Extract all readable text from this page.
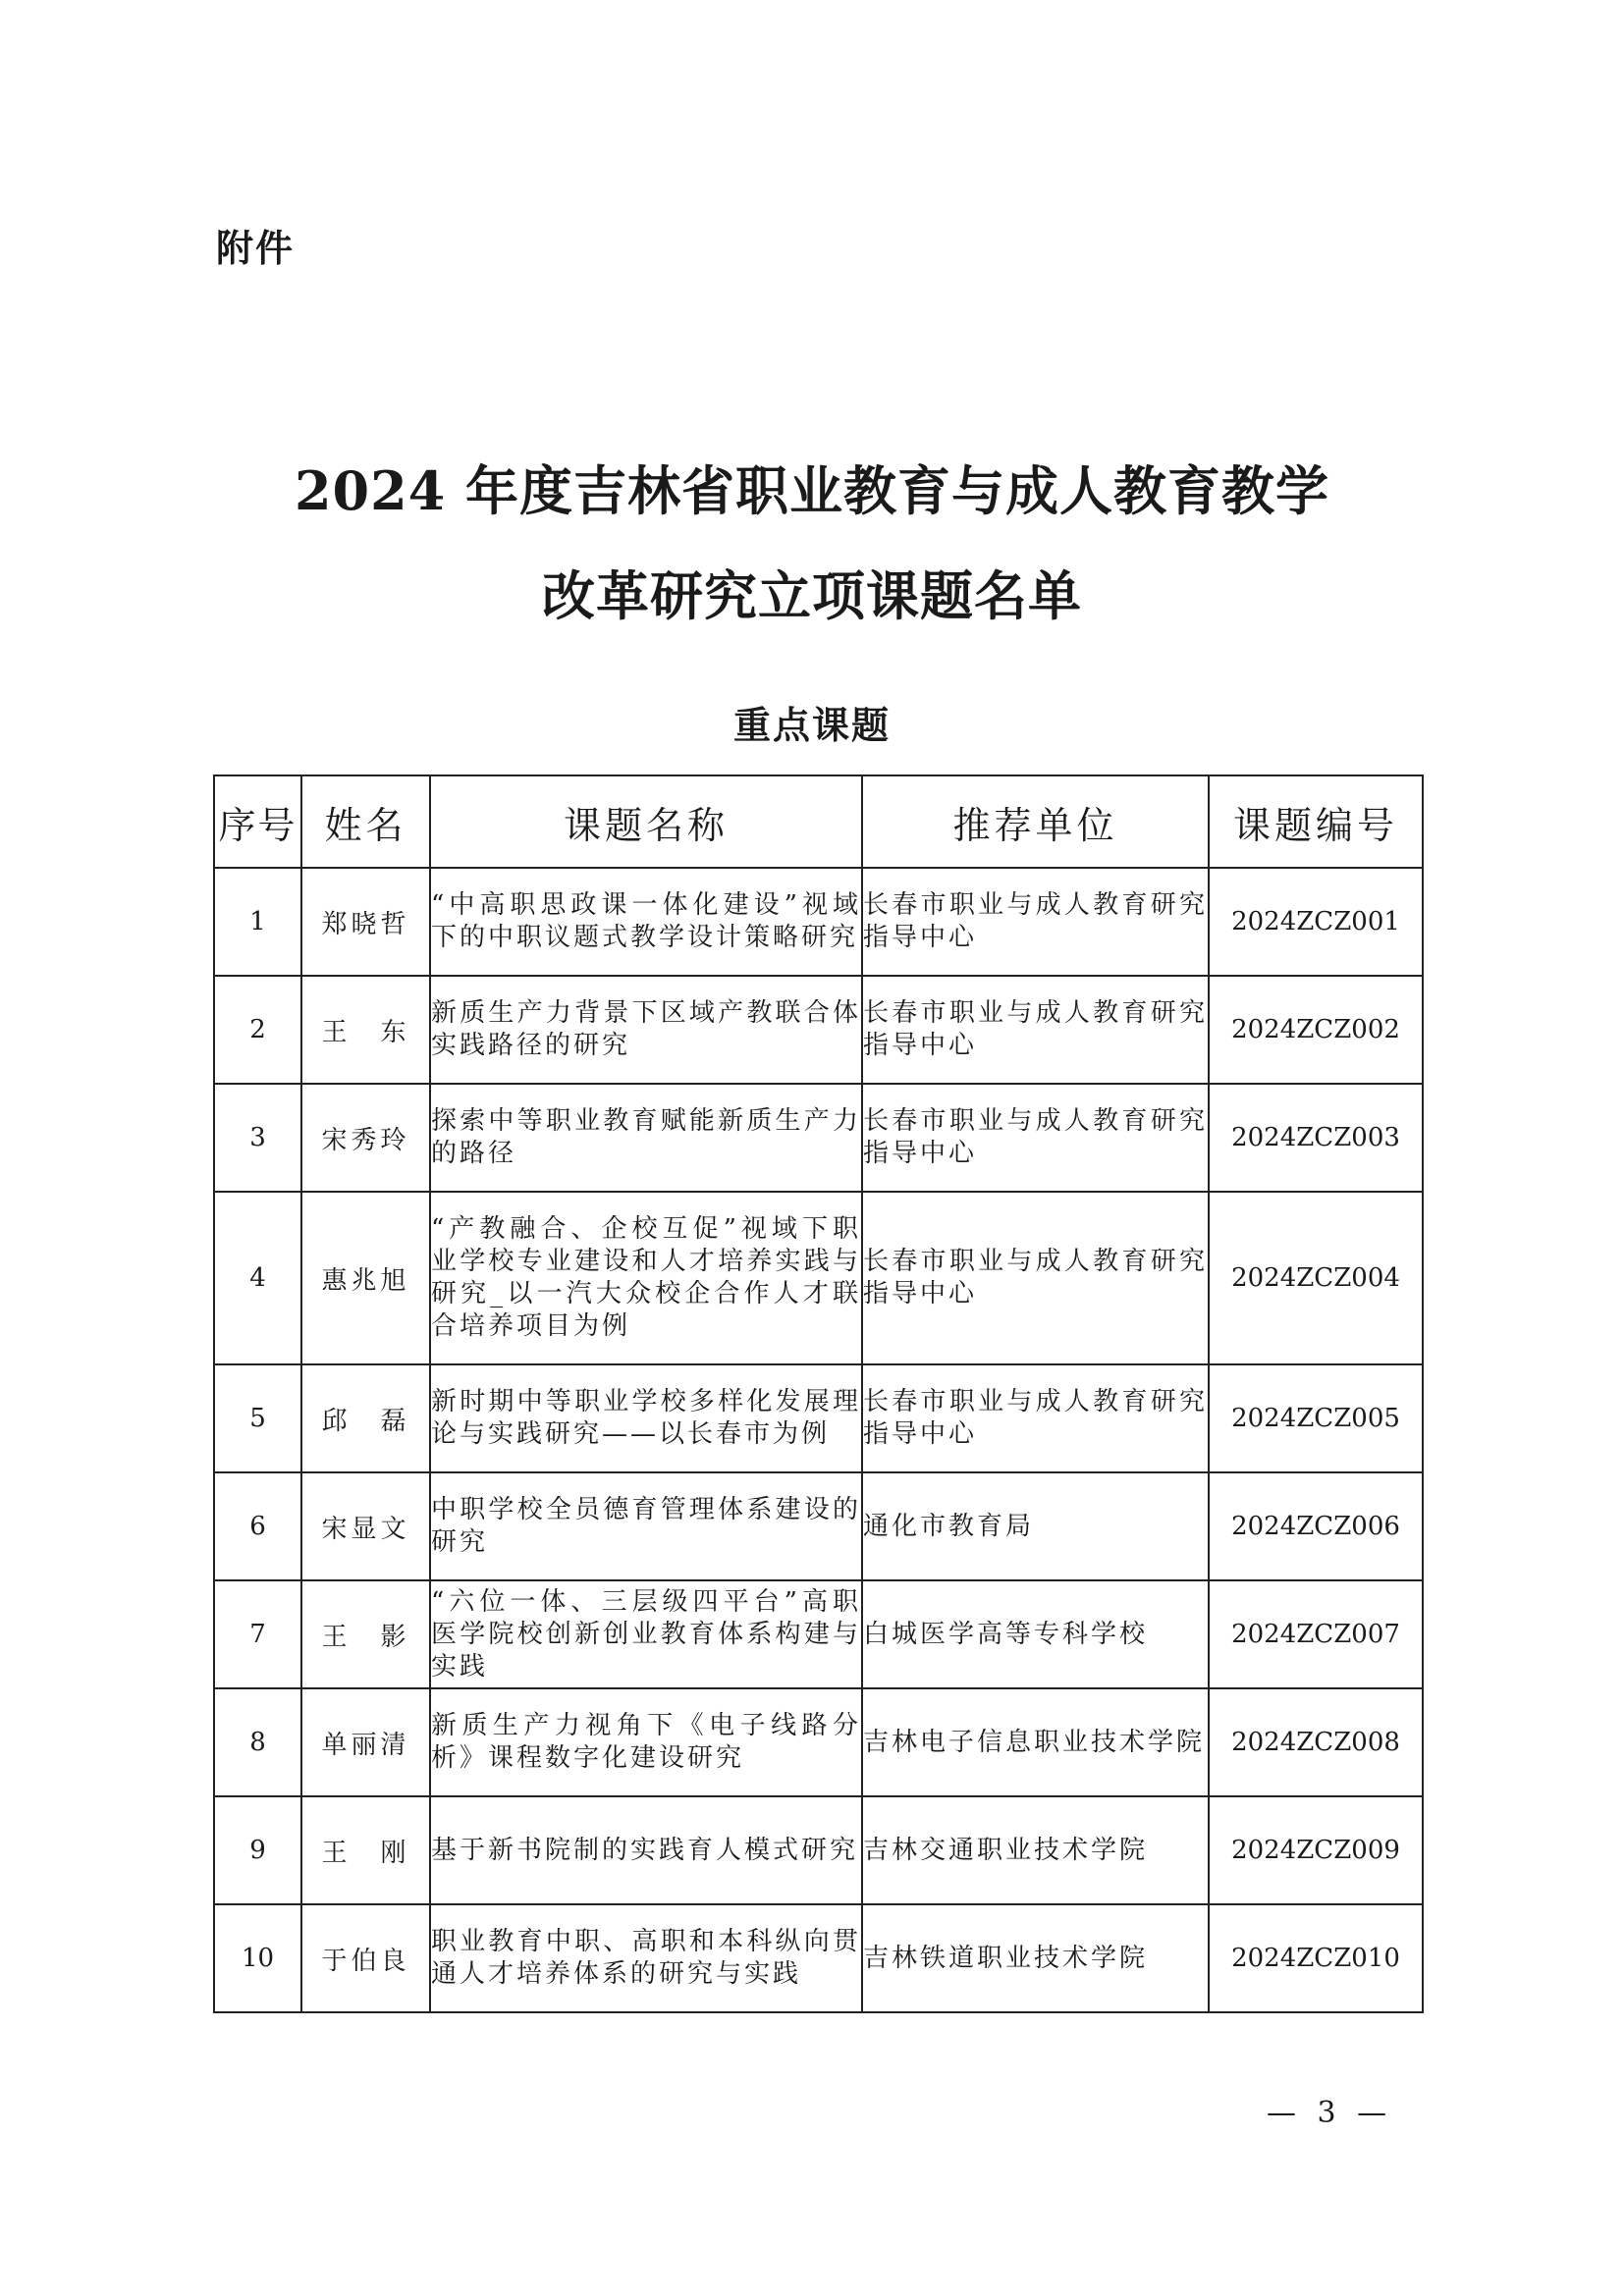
附件
2024 年度吉林省职业教育与成人教育教学
改革研究立项课题名单
重点课题
序号	姓名	课题名称	推荐单位	课题编号
1	郑晓哲	“中高职思政课一体化建设”视域下的中职议题式教学设计策略研究	长春市职业与成人教育研究指导中心	2024ZCZ001
2	王　东	新质生产力背景下区域产教联合体实践路径的研究	长春市职业与成人教育研究指导中心	2024ZCZ002
3	宋秀玲	探索中等职业教育赋能新质生产力的路径	长春市职业与成人教育研究指导中心	2024ZCZ003
4	惠兆旭	“产教融合、企校互促”视域下职业学校专业建设和人才培养实践与研究_以一汽大众校企合作人才联合培养项目为例	长春市职业与成人教育研究指导中心	2024ZCZ004
5	邱　磊	新时期中等职业学校多样化发展理论与实践研究——以长春市为例	长春市职业与成人教育研究指导中心	2024ZCZ005
6	宋显文	中职学校全员德育管理体系建设的研究	通化市教育局	2024ZCZ006
7	王　影	“六位一体、三层级四平台”高职医学院校创新创业教育体系构建与实践	白城医学高等专科学校	2024ZCZ007
8	单丽清	新质生产力视角下《电子线路分析》课程数字化建设研究	吉林电子信息职业技术学院	2024ZCZ008
9	王　刚	基于新书院制的实践育人模式研究	吉林交通职业技术学院	2024ZCZ009
10	于伯良	职业教育中职、高职和本科纵向贯通人才培养体系的研究与实践	吉林铁道职业技术学院	2024ZCZ010
— 3 —
